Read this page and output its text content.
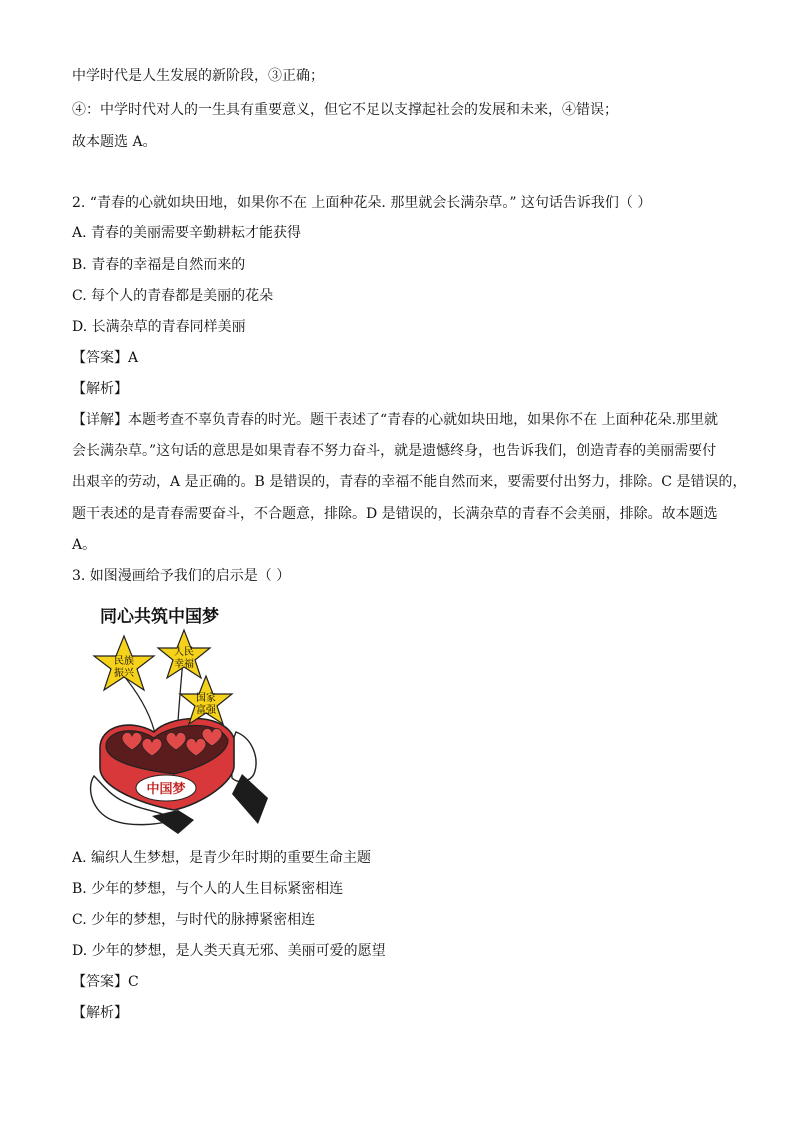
中学时代是人生发展的新阶段，③正确；
④：中学时代对人的一生具有重要意义，但它不足以支撑起社会的发展和未来，④错误；
故本题选 A。
2. “青春的心就如块田地，如果你不在 上面种花朵. 那里就会长满杂草。” 这句话告诉我们（ ）
A. 青春的美丽需要辛勤耕耘才能获得
B. 青春的幸福是自然而来的
C. 每个人的青春都是美丽的花朵
D. 长满杂草的青春同样美丽
【答案】A
【解析】
【详解】本题考查不辜负青春的时光。题干表述了“青春的心就如块田地，如果你不在 上面种花朵.那里就
会长满杂草。”这句话的意思是如果青春不努力奋斗，就是遗憾终身，也告诉我们，创造青春的美丽需要付
出艰辛的劳动，A 是正确的。B 是错误的，青春的幸福不能自然而来，要需要付出努力，排除。C 是错误的，
题干表述的是青春需要奋斗，不合题意，排除。D 是错误的，长满杂草的青春不会美丽，排除。故本题选
A。
3. 如图漫画给予我们的启示是（ ）
同心共筑中国梦
中国梦
民族
振兴
人民
幸福
国家
富强
A. 编织人生梦想，是青少年时期的重要生命主题
B. 少年的梦想，与个人的人生目标紧密相连
C. 少年的梦想，与时代的脉搏紧密相连
D. 少年的梦想，是人类天真无邪、美丽可爱的愿望
【答案】C
【解析】
